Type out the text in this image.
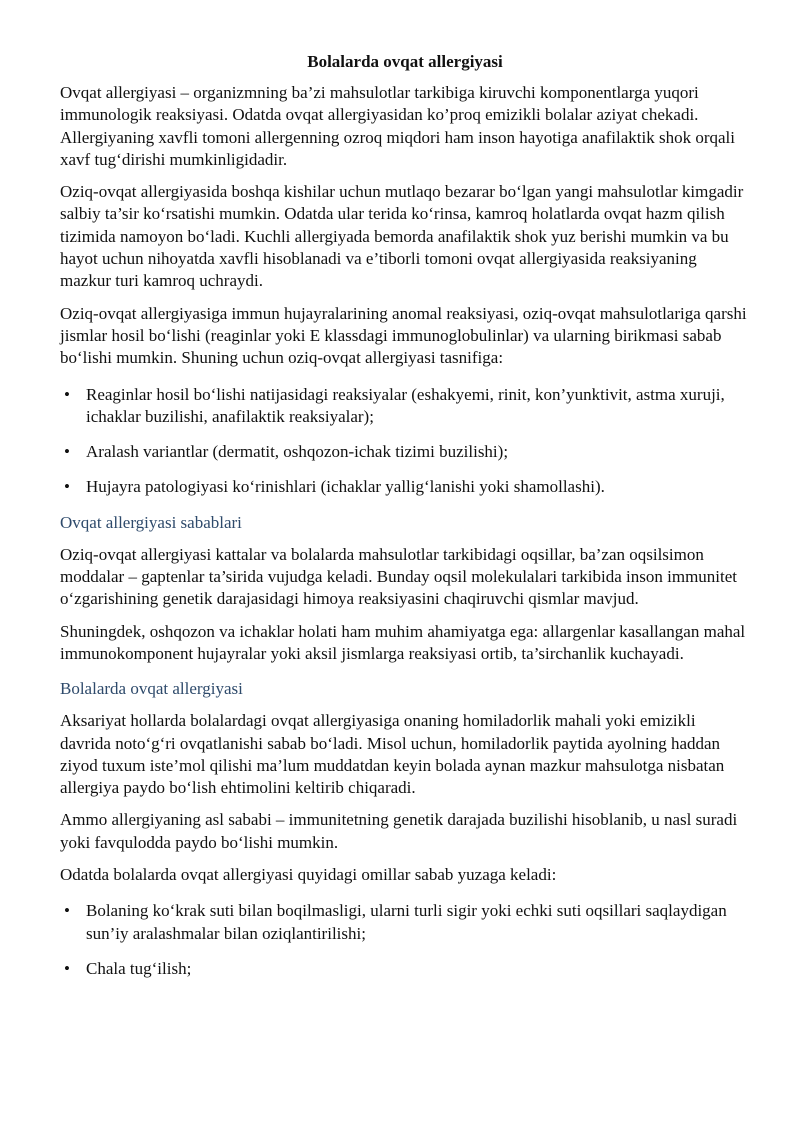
Bolalarda ovqat allergiyasi

Ovqat allergiyasi – organizmning ba’zi mahsulotlar tarkibiga kiruvchi komponentlarga yuqori immunologik reaksiyasi. Odatda ovqat allergiyasidan ko’proq emizikli bolalar aziyat chekadi. Allergiyaning xavfli tomoni allergenning ozroq miqdori ham inson hayotiga anafilaktik shok orqali xavf tug‘dirishi mumkinligidadir.

Oziq-ovqat allergiyasida boshqa kishilar uchun mutlaqo bezarar bo‘lgan yangi mahsulotlar kimgadir salbiy ta’sir ko‘rsatishi mumkin. Odatda ular terida ko‘rinsa, kamroq holatlarda ovqat hazm qilish tizimida namoyon bo‘ladi. Kuchli allergiyada bemorda anafilaktik shok yuz berishi mumkin va bu hayot uchun nihoyatda xavfli hisoblanadi va e’tiborli tomoni ovqat allergiyasida reaksiyaning mazkur turi kamroq uchraydi.

Oziq-ovqat allergiyasiga immun hujayralarining anomal reaksiyasi, oziq-ovqat mahsulotlariga qarshi jismlar hosil bo‘lishi (reaginlar yoki E klassdagi immunoglobulinlar) va ularning birikmasi sabab bo‘lishi mumkin. Shuning uchun oziq-ovqat allergiyasi tasnifiga:

• Reaginlar hosil bo‘lishi natijasidagi reaksiyalar (eshakyemi, rinit, kon’yunktivit, astma xuruji, ichaklar buzilishi, anafilaktik reaksiyalar);
• Aralash variantlar (dermatit, oshqozon-ichak tizimi buzilishi);
• Hujayra patologiyasi ko‘rinishlari (ichaklar yallig‘lanishi yoki shamollashi).
Ovqat allergiyasi sabablari

Oziq-ovqat allergiyasi kattalar va bolalarda mahsulotlar tarkibidagi oqsillar, ba’zan oqsilsimon moddalar – gaptenlar ta’sirida vujudga keladi. Bunday oqsil molekulalari tarkibida inson immunitet o‘zgarishining genetik darajasidagi himoya reaksiyasini chaqiruvchi qismlar mavjud.

Shuningdek, oshqozon va ichaklar holati ham muhim ahamiyatga ega: allargenlar kasallangan mahal immunokomponent hujayralar yoki aksil jismlarga reaksiyasi ortib, ta’sirchanlik kuchayadi.

Bolalarda ovqat allergiyasi

Aksariyat hollarda bolalardagi ovqat allergiyasiga onaning homiladorlik mahali yoki emizikli davrida noto‘g‘ri ovqatlanishi sabab bo‘ladi. Misol uchun, homiladorlik paytida ayolning haddan ziyod tuxum iste’mol qilishi ma’lum muddatdan keyin bolada aynan mazkur mahsulotga nisbatan allergiya paydo bo‘lish ehtimolini keltirib chiqaradi.

Ammo allergiyaning asl sababi – immunitetning genetik darajada buzilishi hisoblanib, u nasl suradi yoki favqulodda paydo bo‘lishi mumkin.

Odatda bolalarda ovqat allergiyasi quyidagi omillar sabab yuzaga keladi:

• Bolaning ko‘krak suti bilan boqilmasligi, ularni turli sigir yoki echki suti oqsillari saqlaydigan sun’iy aralashmalar bilan oziqlantirilishi;
• Chala tug‘ilish;
